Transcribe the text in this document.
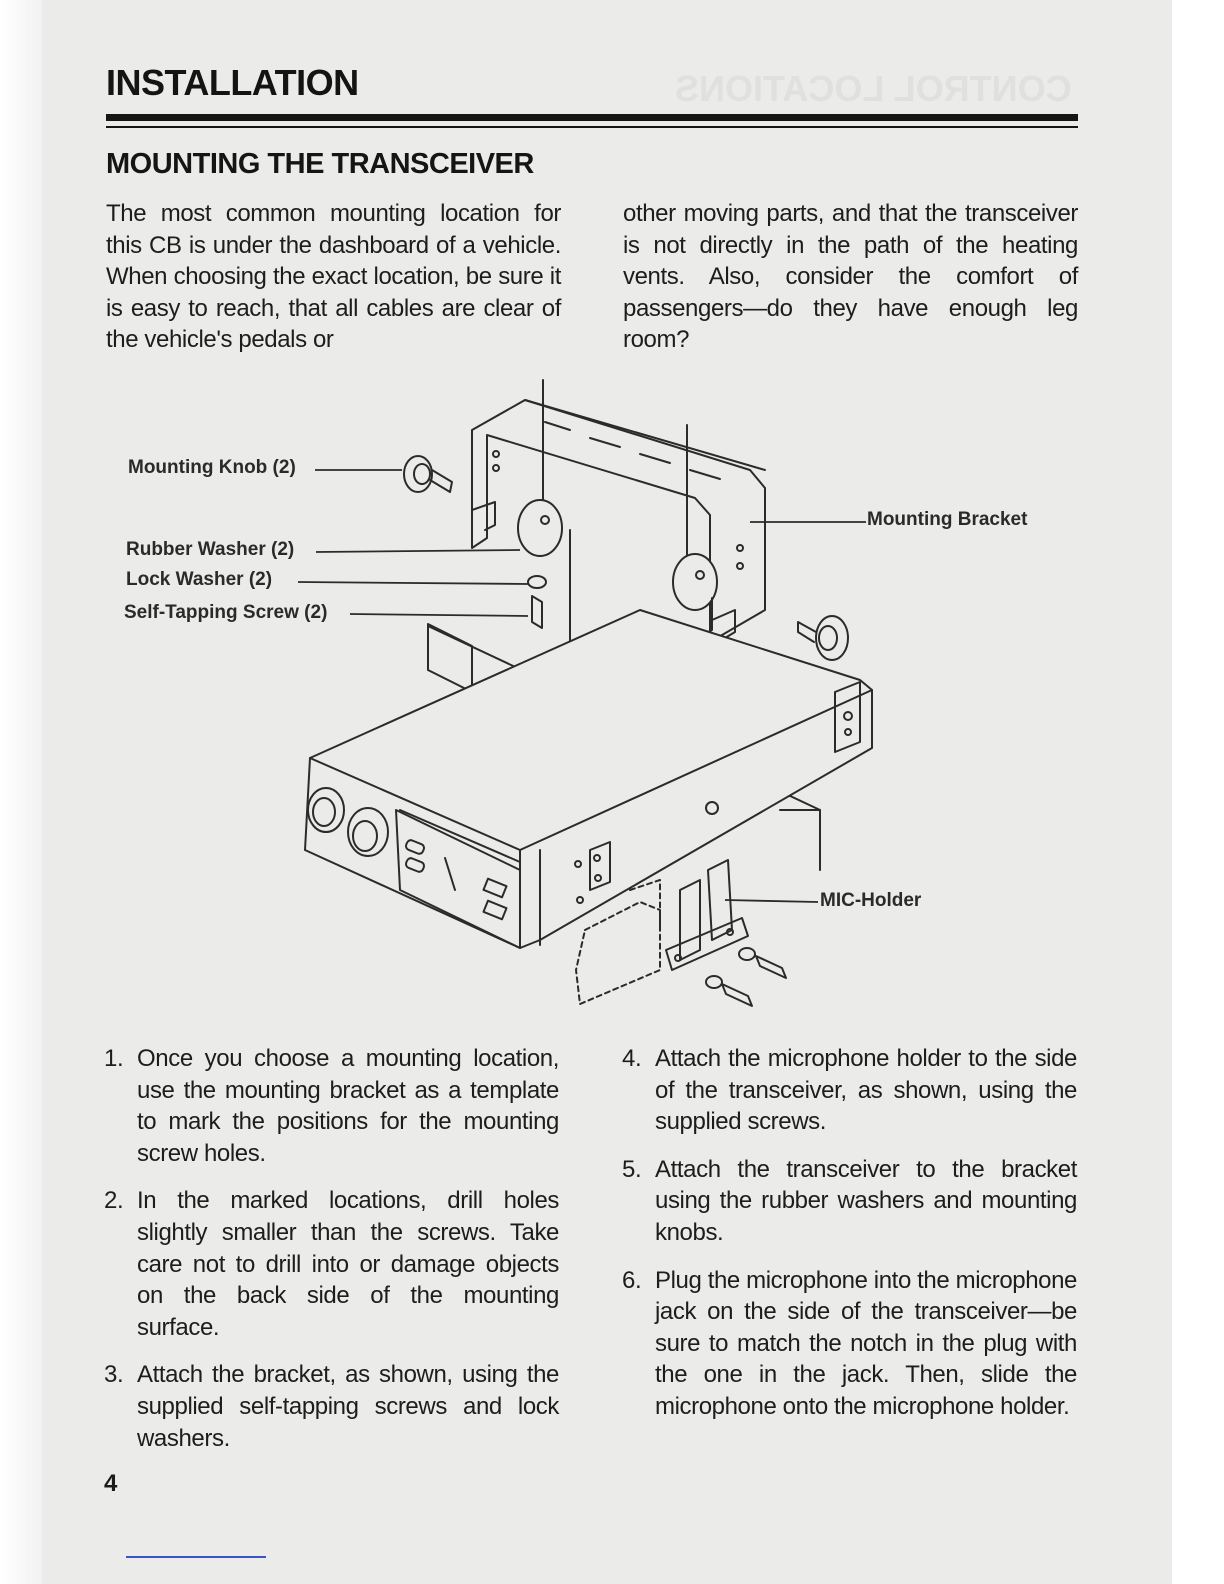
CONTROL LOCATIONS
INSTALLATION
MOUNTING THE TRANSCEIVER
The most common mounting location for this CB is under the dashboard of a vehicle. When choosing the exact location, be sure it is easy to reach, that all cables are clear of the vehicle's pedals or
other moving parts, and that the transceiver is not directly in the path of the heating vents. Also, consider the comfort of passengers—do they have enough leg room?
Mounting Knob (2)
Rubber Washer (2)
Lock Washer (2)
Self-Tapping Screw (2)
Mounting Bracket
MIC-Holder
1. Once you choose a mounting location, use the mounting bracket as a template to mark the positions for the mounting screw holes.
2. In the marked locations, drill holes slightly smaller than the screws. Take care not to drill into or damage objects on the back side of the mounting surface.
3. Attach the bracket, as shown, using the supplied self-tapping screws and lock washers.
4. Attach the microphone holder to the side of the transceiver, as shown, using the supplied screws.
5. Attach the transceiver to the bracket using the rubber washers and mounting knobs.
6. Plug the microphone into the microphone jack on the side of the transceiver—be sure to match the notch in the plug with the one in the jack. Then, slide the microphone onto the microphone holder.
4
